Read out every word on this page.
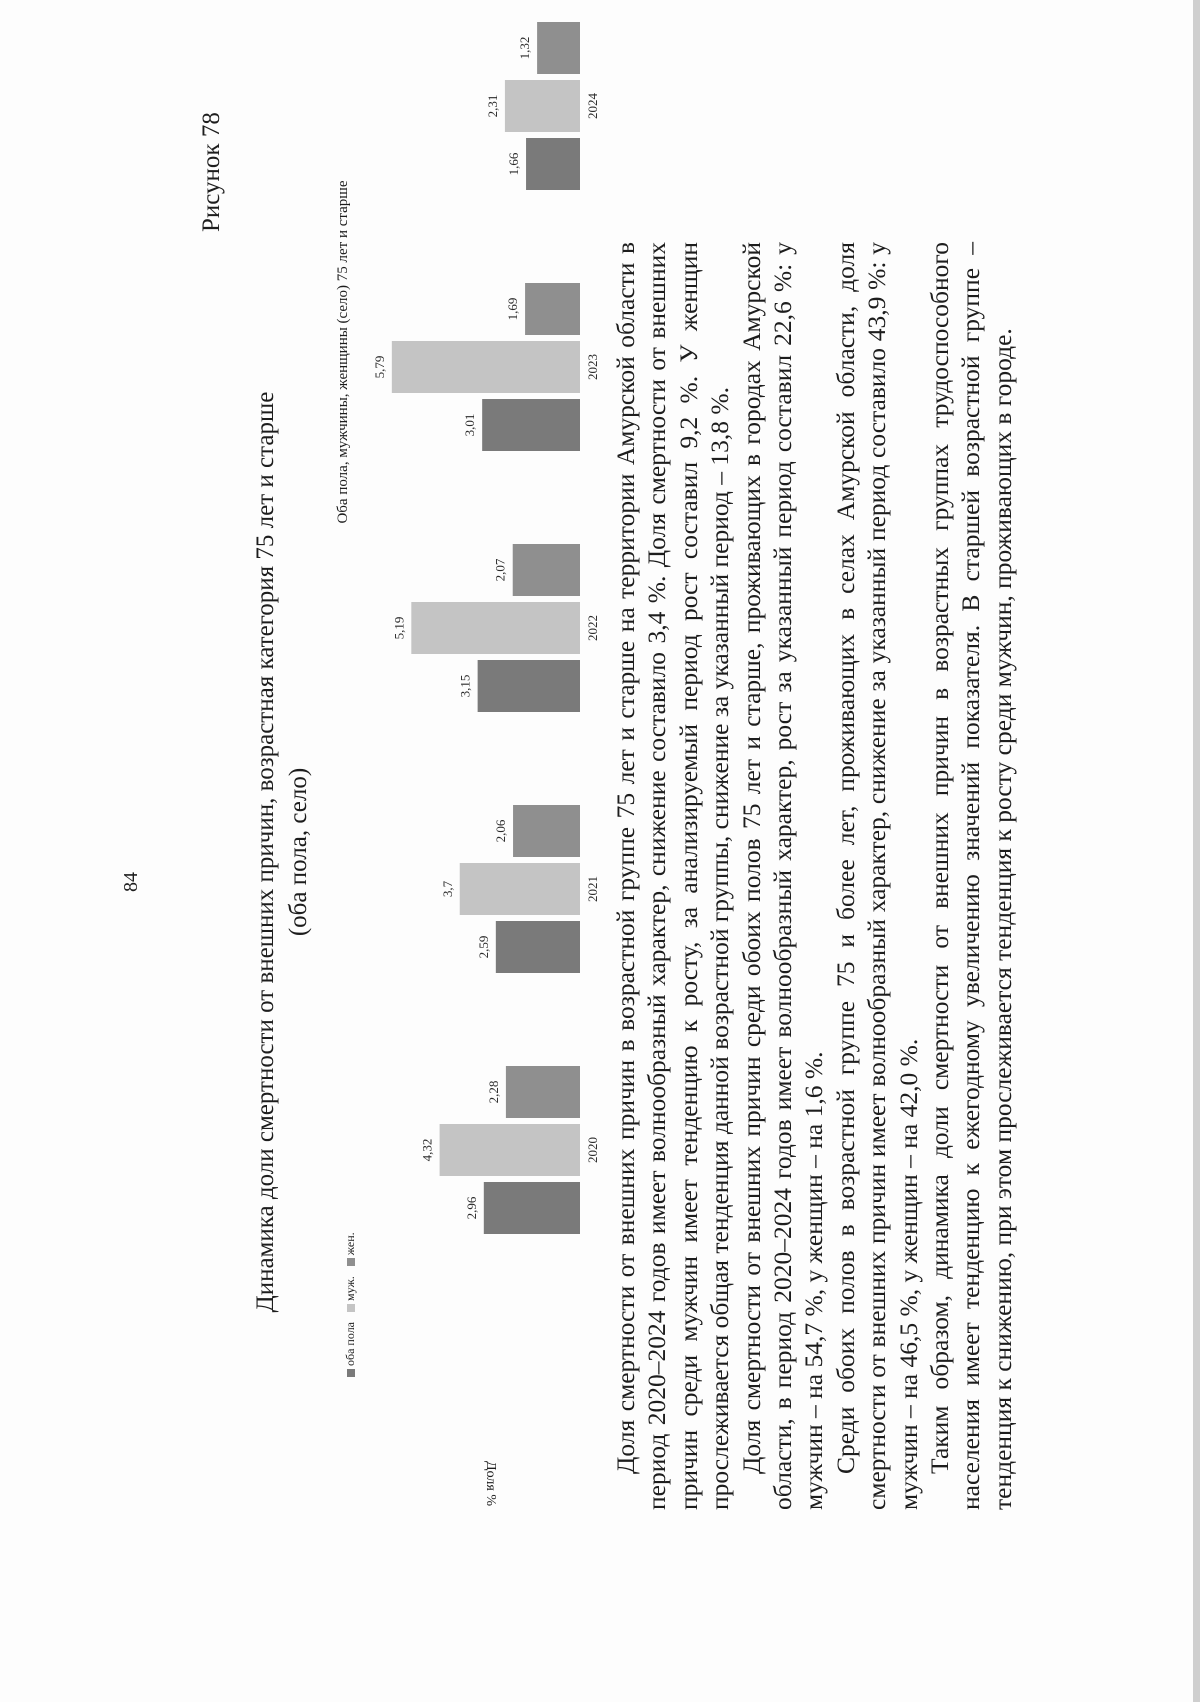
84
Рисунок 78
Динамика доли смертности от внешних причин, возрастная категория 75 лет и старше (оба пола, село)
Оба пола, мужчины, женщины (село) 75 лет и старше
оба пола
муж.
жен.
Доля %
2,96
4,32
2,28
2020
2,59
3,7
2,06
2021
3,15
5,19
2,07
2022
3,01
5,79
1,69
2023
1,66
2,31
1,32
2024

Доля смертности от внешних причин в возрастной группе 75 лет и старше на территории Амурской области в период 2020–2024 годов имеет волнообразный характер, снижение составило 3,4 %. Доля смертности от внешних причин среди мужчин имеет тенденцию к росту, за анализируемый период рост составил 9,2 %. У женщин прослеживается общая тенденция данной возрастной группы, снижение за указанный период – 13,8 %. Доля смертности от внешних причин среди обоих полов 75 лет и старше, проживающих в городах Амурской области, в период 2020–2024 годов имеет волнообразный характер, рост за указанный период составил 22,6 %: у мужчин – на 54,7 %, у женщин – на 1,6 %. Среди обоих полов в возрастной группе 75 и более лет, проживающих в селах Амурской области, доля смертности от внешних причин имеет волнообразный характер, снижение за указанный период составило 43,9 %: у мужчин – на 46,5 %, у женщин – на 42,0 %. Таким образом, динамика доли смертности от внешних причин в возрастных группах трудоспособного населения имеет тенденцию к ежегодному увеличению значений показателя. В старшей возрастной группе – тенденция к снижению, при этом прослеживается тенденция к росту среди мужчин, проживающих в городе.
